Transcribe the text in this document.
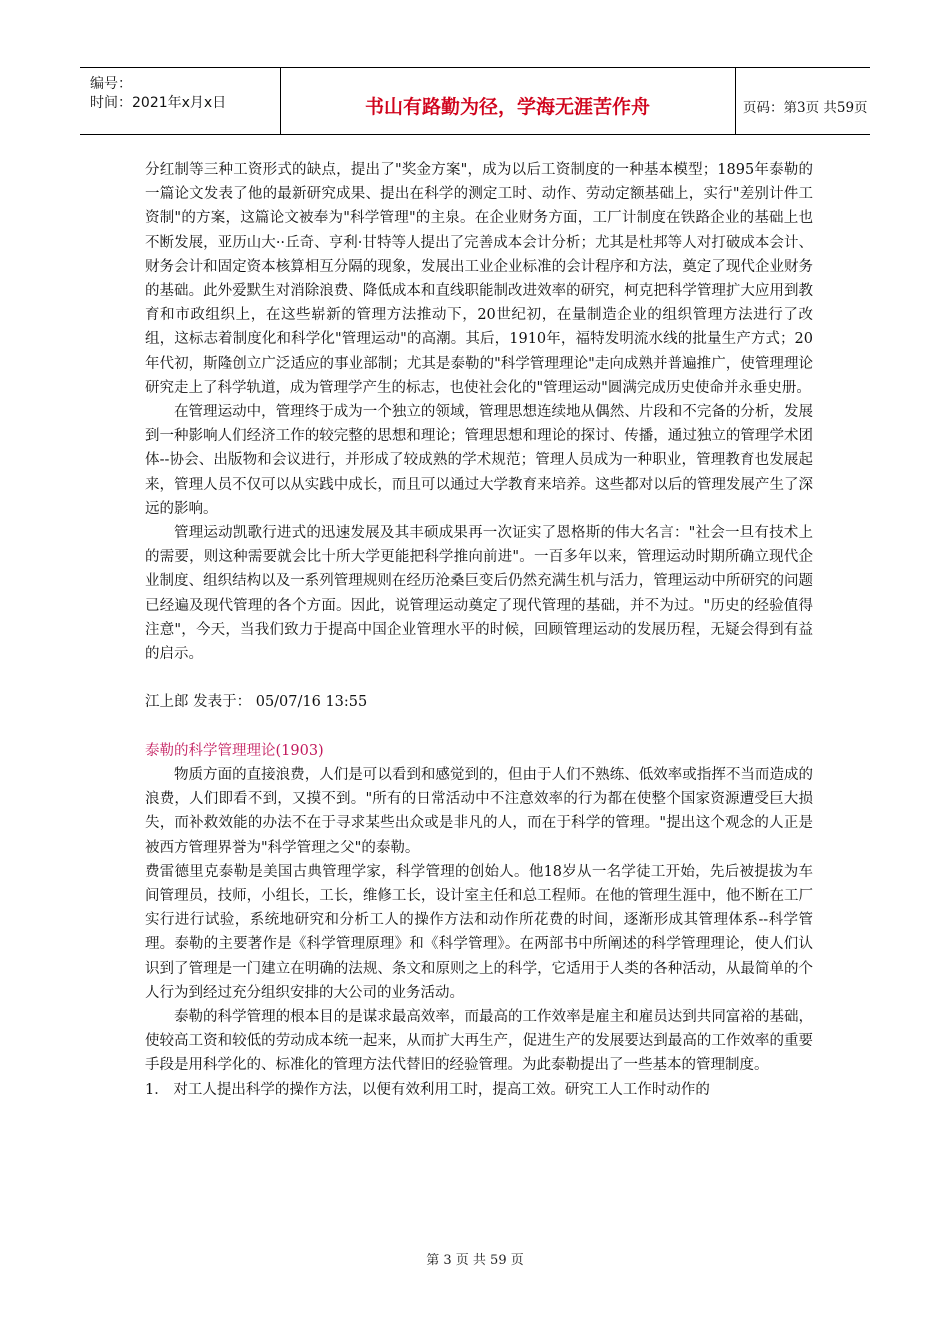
编号：
时间：2021年x月x日	书山有路勤为径，学海无涯苦作舟	页码：第3页 共59页

分红制等三种工资形式的缺点，提出了"奖金方案"，成为以后工资制度的一种基本模型；1895年泰勒的一篇论文发表了他的最新研究成果、提出在科学的测定工时、动作、劳动定额基础上，实行"差别计件工资制"的方案，这篇论文被奉为"科学管理"的主泉。在企业财务方面，工厂计制度在铁路企业的基础上也不断发展，亚历山大··丘奇、亨利·甘特等人提出了完善成本会计分析；尤其是杜邦等人对打破成本会计、财务会计和固定资本核算相互分隔的现象，发展出工业企业标准的会计程序和方法，奠定了现代企业财务的基础。此外爱默生对消除浪费、降低成本和直线职能制改进效率的研究，柯克把科学管理扩大应用到教育和市政组织上，在这些崭新的管理方法推动下，20世纪初，在量制造企业的组织管理方法进行了改组，这标志着制度化和科学化"管理运动"的高潮。其后，1910年，福特发明流水线的批量生产方式；20年代初，斯隆创立广泛适应的事业部制；尤其是泰勒的"科学管理理论"走向成熟并普遍推广，使管理理论研究走上了科学轨道，成为管理学产生的标志，也使社会化的"管理运动"圆满完成历史使命并永垂史册。

在管理运动中，管理终于成为一个独立的领域，管理思想连续地从偶然、片段和不完备的分析，发展到一种影响人们经济工作的较完整的思想和理论；管理思想和理论的探讨、传播，通过独立的管理学术团体--协会、出版物和会议进行，并形成了较成熟的学术规范；管理人员成为一种职业，管理教育也发展起来，管理人员不仅可以从实践中成长，而且可以通过大学教育来培养。这些都对以后的管理发展产生了深远的影响。

管理运动凯歌行进式的迅速发展及其丰硕成果再一次证实了恩格斯的伟大名言："社会一旦有技术上的需要，则这种需要就会比十所大学更能把科学推向前进"。一百多年以来，管理运动时期所确立现代企业制度、组织结构以及一系列管理规则在经历沧桑巨变后仍然充满生机与活力，管理运动中所研究的问题已经遍及现代管理的各个方面。因此，说管理运动奠定了现代管理的基础，并不为过。"历史的经验值得注意"，今天，当我们致力于提高中国企业管理水平的时候，回顾管理运动的发展历程，无疑会得到有益的启示。

江上郎 发表于： 05/07/16 13:55

泰勒的科学管理理论(1903)

物质方面的直接浪费，人们是可以看到和感觉到的，但由于人们不熟练、低效率或指挥不当而造成的浪费，人们即看不到，又摸不到。"所有的日常活动中不注意效率的行为都在使整个国家资源遭受巨大损失，而补救效能的办法不在于寻求某些出众或是非凡的人，而在于科学的管理。"提出这个观念的人正是被西方管理界誉为"科学管理之父"的泰勒。

费雷德里克泰勒是美国古典管理学家，科学管理的创始人。他18岁从一名学徒工开始，先后被提拔为车间管理员，技师，小组长，工长，维修工长，设计室主任和总工程师。在他的管理生涯中，他不断在工厂实行进行试验，系统地研究和分析工人的操作方法和动作所花费的时间，逐渐形成其管理体系--科学管理。泰勒的主要著作是《科学管理原理》和《科学管理》。在两部书中所阐述的科学管理理论，使人们认识到了管理是一门建立在明确的法规、条文和原则之上的科学，它适用于人类的各种活动，从最简单的个人行为到经过充分组织安排的大公司的业务活动。

泰勒的科学管理的根本目的是谋求最高效率，而最高的工作效率是雇主和雇员达到共同富裕的基础，使较高工资和较低的劳动成本统一起来，从而扩大再生产，促进生产的发展要达到最高的工作效率的重要手段是用科学化的、标准化的管理方法代替旧的经验管理。为此泰勒提出了一些基本的管理制度。

1． 对工人提出科学的操作方法，以便有效利用工时，提高工效。研究工人工作时动作的

第 3 页 共 59 页
